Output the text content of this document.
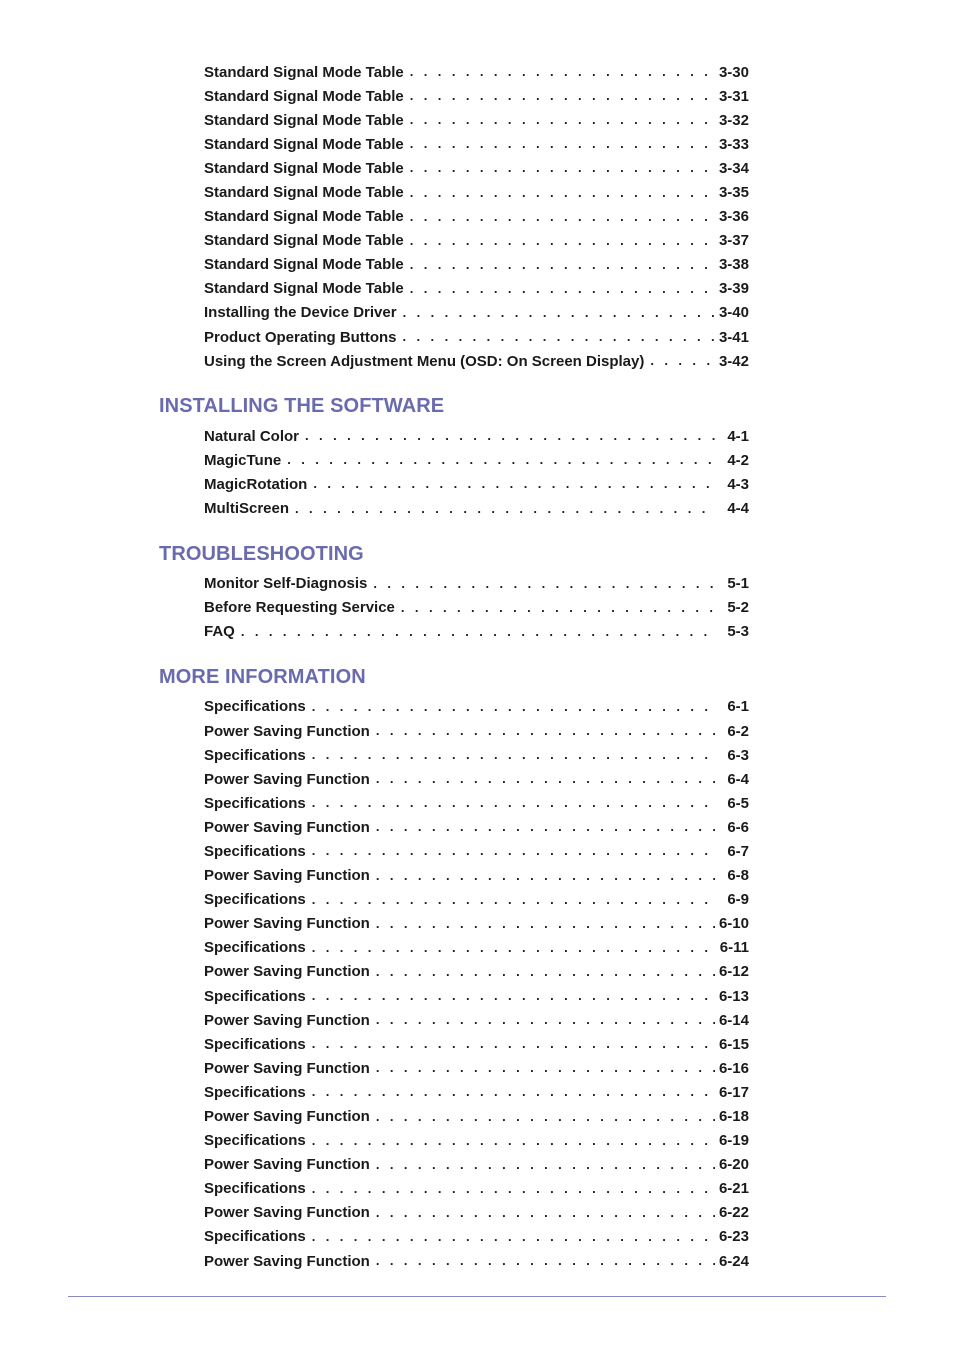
Standard Signal Mode Table . . .	3-30
Standard Signal Mode Table . . .	3-31
Standard Signal Mode Table . . .	3-32
Standard Signal Mode Table . . .	3-33
Standard Signal Mode Table . . .	3-34
Standard Signal Mode Table . . .	3-35
Standard Signal Mode Table . . .	3-36
Standard Signal Mode Table . . .	3-37
Standard Signal Mode Table . . .	3-38
Standard Signal Mode Table . . .	3-39
Installing the Device Driver . . .	3-40
Product Operating Buttons . . .	3-41
Using the Screen Adjustment Menu (OSD: On Screen Display) . . .	3-42
INSTALLING THE SOFTWARE
Natural Color . . .	4-1
MagicTune . . .	4-2
MagicRotation . . .	4-3
MultiScreen . . .	4-4
TROUBLESHOOTING
Monitor Self-Diagnosis . . .	5-1
Before Requesting Service . . .	5-2
FAQ . . .	5-3
MORE INFORMATION
Specifications . . .	6-1
Power Saving Function . . .	6-2
Specifications . . .	6-3
Power Saving Function . . .	6-4
Specifications . . .	6-5
Power Saving Function . . .	6-6
Specifications . . .	6-7
Power Saving Function . . .	6-8
Specifications . . .	6-9
Power Saving Function . . .	6-10
Specifications . . .	6-11
Power Saving Function . . .	6-12
Specifications . . .	6-13
Power Saving Function . . .	6-14
Specifications . . .	6-15
Power Saving Function . . .	6-16
Specifications . . .	6-17
Power Saving Function . . .	6-18
Specifications . . .	6-19
Power Saving Function . . .	6-20
Specifications . . .	6-21
Power Saving Function . . .	6-22
Specifications . . .	6-23
Power Saving Function . . .	6-24
